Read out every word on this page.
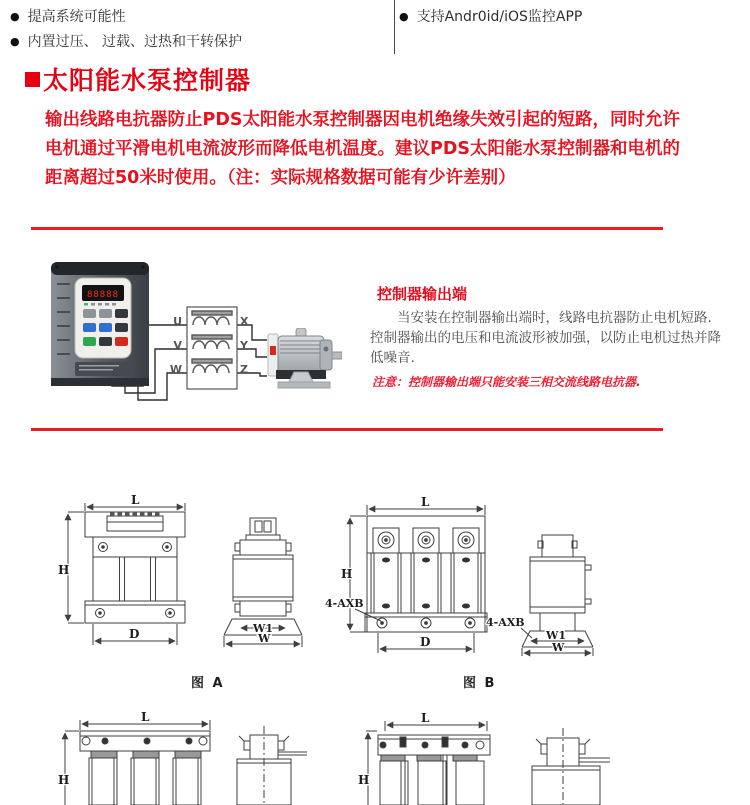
● 提高系统可能性
● 内置过压、 过载、过热和干转保护
● 支持Andr0id/iOS监控APP
太阳能水泵控制器
输出线路电抗器防止PDS太阳能水泵控制器因电机绝缘失效引起的短路，同时允许
电机通过平滑电机电流波形而降低电机温度。建议PDS太阳能水泵控制器和电机的
距离超过50米时使用。（注：实际规格数据可能有少许差别）
88888
U
V
W
X
Y
Z
控制器输出端
当安装在控制器输出端时，线路电抗器防止电机短路.
控制器输出的电压和电流波形被加强，以防止电机过热并降
低噪音.
注意：控制器输出端只能安装三相交流线路电抗器.
L
H
D	W1
W
图 A
L
H
D
4-AXB
4-AXB
W1
W
图 B
L
H
L
H
